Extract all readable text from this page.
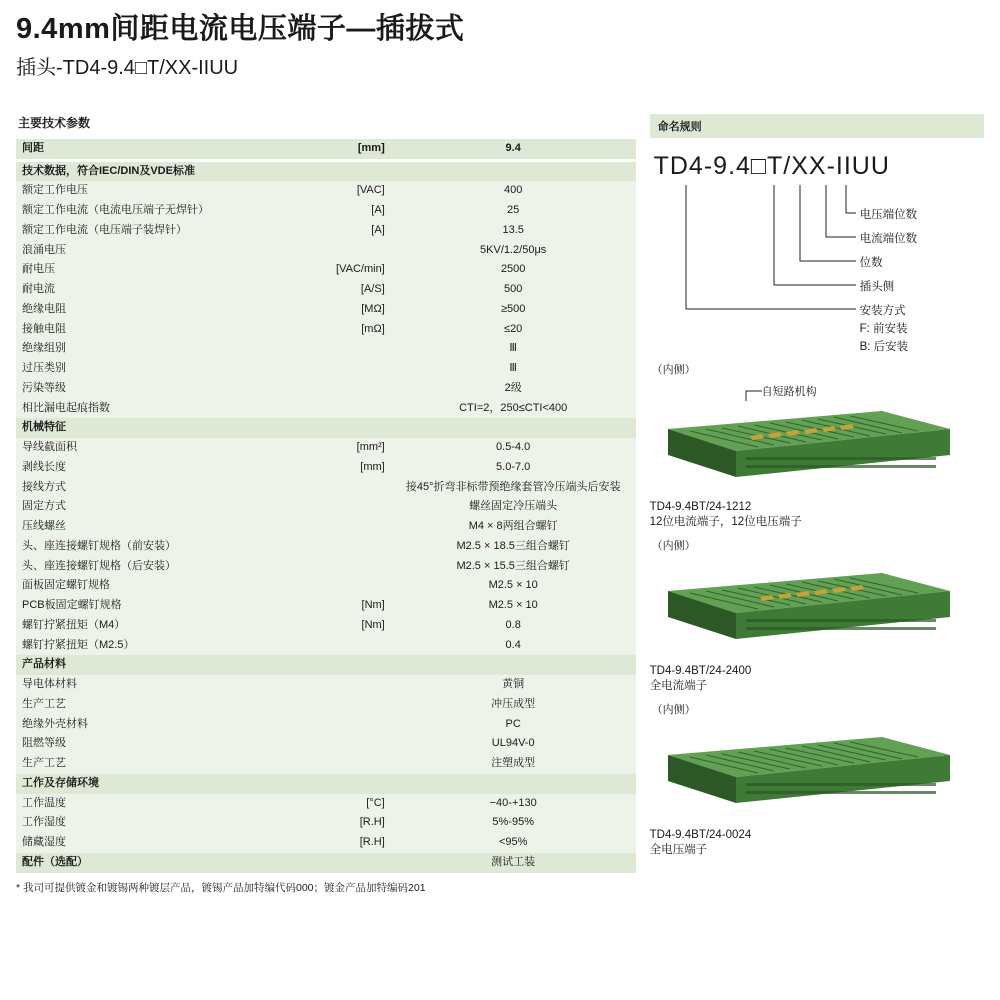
9.4mm间距电流电压端子—插拔式
插头-TD4-9.4□T/XX-IIUU
主要技术参数
间距	[mm]	9.4

技术数据，符合IEC/DIN及VDE标准		
额定工作电压	[VAC]	400
额定工作电流（电流电压端子无焊针）	[A]	25
额定工作电流（电压端子装焊针）	[A]	13.5
浪涌电压		5KV/1.2/50μs
耐电压	[VAC/min]	2500
耐电流	[A/S]	500
绝缘电阻	[MΩ]	≥500
接触电阻	[mΩ]	≤20
绝缘组别		Ⅲ
过压类别		Ⅲ
污染等级		2级
相比漏电起痕指数		CTI=2，250≤CTI<400
机械特征		
导线截面积	[mm²]	0.5-4.0
剥线长度	[mm]	5.0-7.0
接线方式		接45°折弯非标带预绝缘套管冷压端头后安装
固定方式		螺丝固定冷压端头
压线螺丝		M4 × 8两组合螺钉
头、座连接螺钉规格（前安装）		M2.5 × 18.5三组合螺钉
头、座连接螺钉规格（后安装）		M2.5 × 15.5三组合螺钉
面板固定螺钉规格		M2.5 × 10
PCB板固定螺钉规格	[Nm]	M2.5 × 10
螺钉拧紧扭矩（M4）	[Nm]	0.8
螺钉拧紧扭矩（M2.5）		0.4
产品材料		
导电体材料		黄铜
生产工艺		冲压成型
绝缘外壳材料		PC
阻燃等级		UL94V-0
生产工艺		注塑成型
工作及存储环境		
工作温度	[°C]	−40-+130
工作湿度	[R.H]	5%-95%
储藏湿度	[R.H]	<95%
配件（选配）		测试工装
* 我司可提供镀金和镀锡两种镀层产品，镀锡产品加特编代码000；镀金产品加特编码201
命名规则
TD4-9.4□T/XX-IIUU
电压端位数
电流端位数
位数
插头侧
安装方式
F: 前安装
B: 后安装
（内侧）
自短路机构
TD4-9.4BT/24-1212
12位电流端子，12位电压端子
（内侧）
TD4-9.4BT/24-2400
全电流端子
（内侧）
TD4-9.4BT/24-0024
全电压端子
